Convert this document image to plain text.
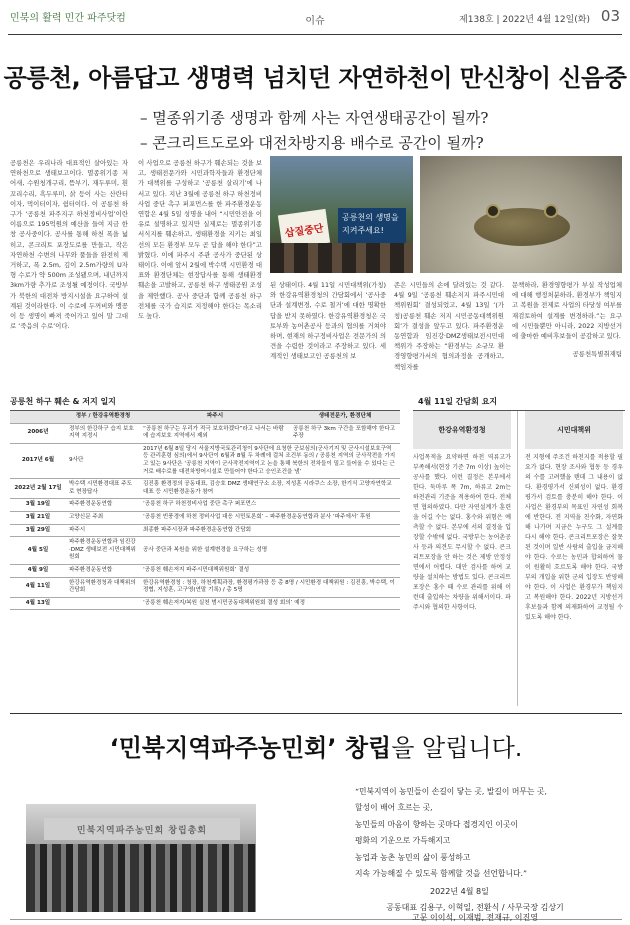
민북의 활력 민간 파주닷컴	이슈	제138호 | 2022년 4월 12일(화) 03
공릉천, 아름답고 생명력 넘치던 자연하천이 만신창이 신음중
– 멸종위기종 생명과 함께 사는 자연생태공간이 될까?
– 콘크리트도로와 대전차방지용 배수로 공간이 될까?
삽질중단
공릉천의 생명을 지켜주세요!
공릉천은 우리나라 대표적인 살아있는 자연하천으로 생태보고이다. 멸종위기종 저어새, 수원청개구리, 뜸부기, 재두루미, 흰꼬리수리, 흑두루미, 삵 등이 사는 산란터이자, 먹이터이자, 쉼터이다. 이 공릉천 하구가 ‘공릉천 파주지구 하천정비사업’이란 이름으로 195억원의 예산을 들여 지금 한창 공사중이다. 공사를 통해 하천 폭을 넓히고, 콘크리트 포장도로를 만들고, 작은 자연하천 수변의 나무와 풀들을 완전히 제거하고, 폭 2.5m, 깊이 2.5m가량의 U자형 수로가 약 500m 조성됐으며, 내년까지 3km가량 추가로 조성될 예정이다. 국방부가 북한의 대전차 방지시설을 요구하여 설계된 것이라한다. 이 수로에 두꺼비와 맹꽁이 등 생명이 빠져 죽어가고 있어 말 그대로 ‘죽음의 수로’이다.
이 사업으로 공릉천 하구가 훼손되는 것을 보고, 생태전문가와 시민과학자들과 환경단체가 대책위를 구성하고 ‘공릉천 살리기’에 나서고 있다. 지난 3월에 공릉천 하구 하천정비사업 중단 촉구 퍼포먼스를 한 파주환경운동연합은 4월 5일 성명을 내어 “시민안전을 이유로 설명하고 있지만 실제로는 멸종위기종 서식지를 훼손하고, 생태환경을 지키는 최일선의 모든 환경부 모두 곧 답을 해야 한다”고 밝혔다. 이에 파주시 주관 공사가 중단된 상태이다. 이에 앞서 2월에 박수택 시민환경 대표와 환경단체는 현장답사를 통해 생태환경 훼손을 고발하고, 공릉천 하구 생태공원 조성을 제안했다. 공사 중단과 함께 공릉천 하구 전체를 국가 습지로 지정해야 한다는 목소리도 높다.
된 상태이다. 4월 11일 시민대책위(가칭)와 한강유역환경청의 간담회에서 ‘공사중단과 설계변경, 수로 철거’에 대한 명확한 답을 받지 못하였다. 한강유역환경청은 국토부와 농어촌공사 등과의 협의를 거쳐야하며, 현재의 하구정비사업은 전문가의 의견을 수렴한 것이라고 주장하고 있다. 세계적인 생태보고인 공릉천의 보
존은 시민들의 손에 달려있는 것 같다. 4월 9일 ‘공릉천 훼손저지 파주시민대책위원회’ 결성되었고, 4월 13일 ‘(가칭)공릉천 훼손 저지 시민공동대책위원회’가 결성을 앞두고 있다. 파주환경운동연합과 임진강·DMZ생태보전시민대책위가 주장하는 “환경부는 소규모 환경영향평가서의 협의과정을 공개하고, 책임자를
문책하라, 환경영향평가 부실 작성업체에 대해 행정처분하라, 환경부가 책임지고 복원을 전제로 사업의 타당성 여부를 재검토하여 설계를 변경하라.”는 요구에 시민들뿐만 아니라, 2022 지방선거에 출마한 예비후보들이 공감하고 있다.
공릉천특별취재팀
공릉천 하구 훼손 & 저지 일지
	정부 / 한강유역환경청	파주시	생태전문가, 환경단체
2006년	정부의 한강하구 습지 보호 지역 지정시	“공릉천 하구는 우리가 적극 보호하겠다”라고 나서는 바람에 습지보호 지역에서 제외	공릉천 하구 3km 구간을 포함해야 한다고 주장
2017년 6월	9사단	2017년 6월 8일 당시 서울지방국토관리청이 9사단에 요청한 군보심의(군사기지 및 군사시설보호구역 등 관리훈령 심의)에서 9사단이 6월과 8월 두 차례에 걸쳐 조건부 동의 / 공릉천 지역의 군사작전을 가지고 있는 9사단은 ‘공릉천 지역이 군사작전지역이고 논을 통해 북한의 전차들이 밀고 들어올 수 있다는 근거로 배수로를 대전차방어시설로 만들어야 한다고 승인조건을 냄’	
2022년 2월 17일	박수택 시민환경대표 주도로 현장답사	김진흥 환경정의 공동대표, 김승호 DMZ 생태연구소 소장, 지성훈 시라쿠스 소장, 한기식 고양자연학교 대표 등 시민환경운동가 참여	
3월 19일	파주환경운동연합	‘공릉천 하구 하천정비사업 중단 촉구 퍼포먼스	
3월 21일	고양신문 주최	‘공릉천 빈풍경에 하천 정비사업 대응 시민토론회’ – 파주환경운동연합과 분사 ‘파주에서’ 후원	
3월 29일	파주시	최종환 파주시장과 파주환경운동연합 간담회	
4월 5일	파주환경운동연합과 임진강·DMZ 생태보전 시민대책위원회	공사 중단과 복원을 위한 설계변경을 요구하는 성명	
4월 9일	파주환경운동연합	‘공릉천 훼손저지 파주시민대책위원회’ 결성	
4월 11일	한강유역환경청과 대책위의 간담회	한강유역환경청 : 청장, 하천계획과장, 환경평가과장 등 총 8명 / 시민환경 대책위원 : 김진흥, 박수택, 이정협, 지성훈, 고구영(연말 기록) / 총 5명	
4월 13일		‘공릉천 훼손저지/복원 실천 범시민공동대책위원회 결성 회의’ 예정	
4월 11일 간담회 요지
한강유역환경청	시민대책위
사업목적을 요약하면 하천 역류고가 부족해서(현장 기준 7m 이상) 높이는 공사를 했다. 이런 결정은 본부에서 한다. 둑마루 폭 7m, 하류고 2m는 하천관리 기준을 적용하여 한다. 전체면 협의하였다. 다만 자연설계가 훈련을 어길 수는 없다. 홍수와 위험은 예측할 수 없다. 본부에 서의 결정을 입장할 수밖에 없다. 국방부는 농어촌공사 등과 의견도 무시할 수 없다. 콘크리트포장을 안 하는 것은 제방 안정성 면에서 어렵다. 대안 검사를 하여 교량을 설치하는 방법도 있다. 콘크리트포장은 홍수 때 수로 관리를 위해 이런데 출입하는 차량을 위해서이다. 파주시와 협의한 사항이다.
전 지형에 주조건 하천지를 적용할 필요가 없다. 현장 조사와 협동 등 경우의 수를 고려했을 텐데 그 내용이 없다. 환경평가서 신뢰성이 없다. 환경평가서 검토를 충분히 해야 한다. 이 사업은 환경부의 목표인 자연성 회복에 반한다. 전 지역을 친수화, 자연화해 나가며 지금은 누구도 그 설계를 다시 해야 한다. 콘크리트포장은 잘못된 것이며 일반 사람의 출입을 금지해야 한다. 수로는 농민과 합의하여 물이 원활히 흐르도록 해야 한다. 국방부의 개입을 위한 군의 입장도 반영해야 한다. 이 사업은 환경부가 책임지고 복원해야 한다. 2022년 지방선거 후보들과 함께 의제화하여 교정될 수 있도록 해야 한다.
‘민북지역파주농민회’ 창립을 알립니다.
민북지역파주농민회 창립총회
“민북지역이 농민들이 손길이 닿는 곳, 발길이 머무는 곳,
할성이 배어 흐르는 곳,
농민들의 마음이 향하는 곳마다 접경지인 이곳이
평화의 기운으로 가득해지고
농업과 농촌 농민의 삶이 풍성하고
지속 가능해질 수 있도록 함께할 것을 선언합니다.”
2022년 4월 8일
공동대표 김용구, 이혁일, 전환식 / 사무국장 김상기
고문 이이석, 이재범, 전재규, 이진영
